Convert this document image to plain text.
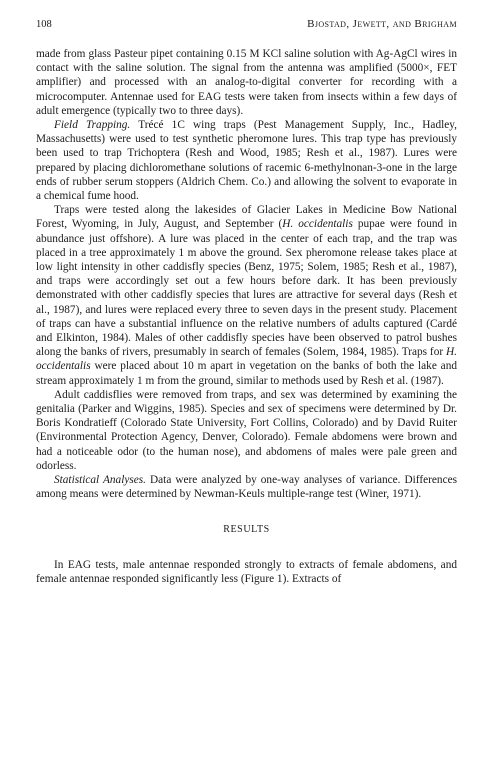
108	Bjostad, Jewett, and Brigham

made from glass Pasteur pipet containing 0.15 M KCl saline solution with Ag-AgCl wires in contact with the saline solution. The signal from the antenna was amplified (5000×, FET amplifier) and processed with an analog-to-digital converter for recording with a microcomputer. Antennae used for EAG tests were taken from insects within a few days of adult emergence (typically two to three days).

Field Trapping. Trécé 1C wing traps (Pest Management Supply, Inc., Hadley, Massachusetts) were used to test synthetic pheromone lures. This trap type has previously been used to trap Trichoptera (Resh and Wood, 1985; Resh et al., 1987). Lures were prepared by placing dichloromethane solutions of racemic 6-methylnonan-3-one in the large ends of rubber serum stoppers (Aldrich Chem. Co.) and allowing the solvent to evaporate in a chemical fume hood.

Traps were tested along the lakesides of Glacier Lakes in Medicine Bow National Forest, Wyoming, in July, August, and September (H. occidentalis pupae were found in abundance just offshore). A lure was placed in the center of each trap, and the trap was placed in a tree approximately 1 m above the ground. Sex pheromone release takes place at low light intensity in other caddisfly species (Benz, 1975; Solem, 1985; Resh et al., 1987), and traps were accordingly set out a few hours before dark. It has been previously demonstrated with other caddisfly species that lures are attractive for several days (Resh et al., 1987), and lures were replaced every three to seven days in the present study. Placement of traps can have a substantial influence on the relative numbers of adults captured (Cardé and Elkinton, 1984). Males of other caddisfly species have been observed to patrol bushes along the banks of rivers, presumably in search of females (Solem, 1984, 1985). Traps for H. occidentalis were placed about 10 m apart in vegetation on the banks of both the lake and stream approximately 1 m from the ground, similar to methods used by Resh et al. (1987).

Adult caddisflies were removed from traps, and sex was determined by examining the genitalia (Parker and Wiggins, 1985). Species and sex of specimens were determined by Dr. Boris Kondratieff (Colorado State University, Fort Collins, Colorado) and by David Ruiter (Environmental Protection Agency, Denver, Colorado). Female abdomens were brown and had a noticeable odor (to the human nose), and abdomens of males were pale green and odorless.

Statistical Analyses. Data were analyzed by one-way analyses of variance. Differences among means were determined by Newman-Keuls multiple-range test (Winer, 1971).

RESULTS

In EAG tests, male antennae responded strongly to extracts of female abdomens, and female antennae responded significantly less (Figure 1). Extracts of
